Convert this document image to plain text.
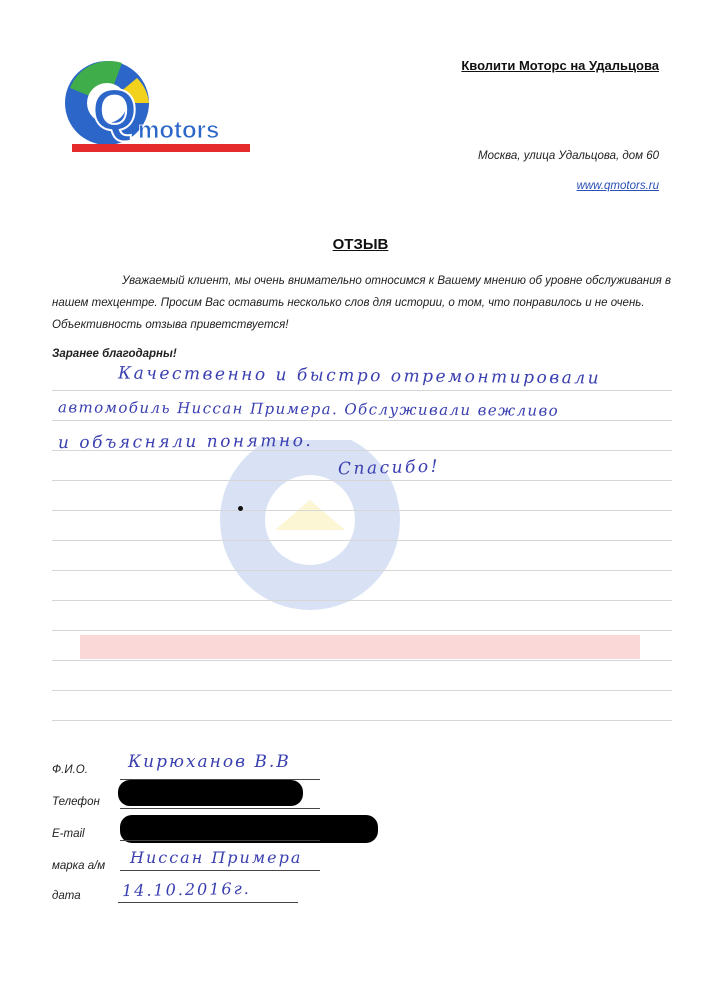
Q motors
Кволити Моторс на Удальцова
Москва, улица Удальцова, дом 60
www.qmotors.ru
ОТЗЫВ
Уважаемый клиент, мы очень внимательно относимся к Вашему мнению об уровне обслуживания в нашем техцентре. Просим Вас оставить несколько слов для истории, о том, что понравилось и не очень. Объективность отзыва приветствуется!
Заранее благодарны!
Качественно и быстро отремонтировали
автомобиль Ниссан Примера. Обслуживали вежливо
и объясняли понятно.
Спасибо!
Ф.И.О. Кирюханов В.В
Телефон
E-mail
марка а/м Ниссан Примера
дата	14.10.2016г.
